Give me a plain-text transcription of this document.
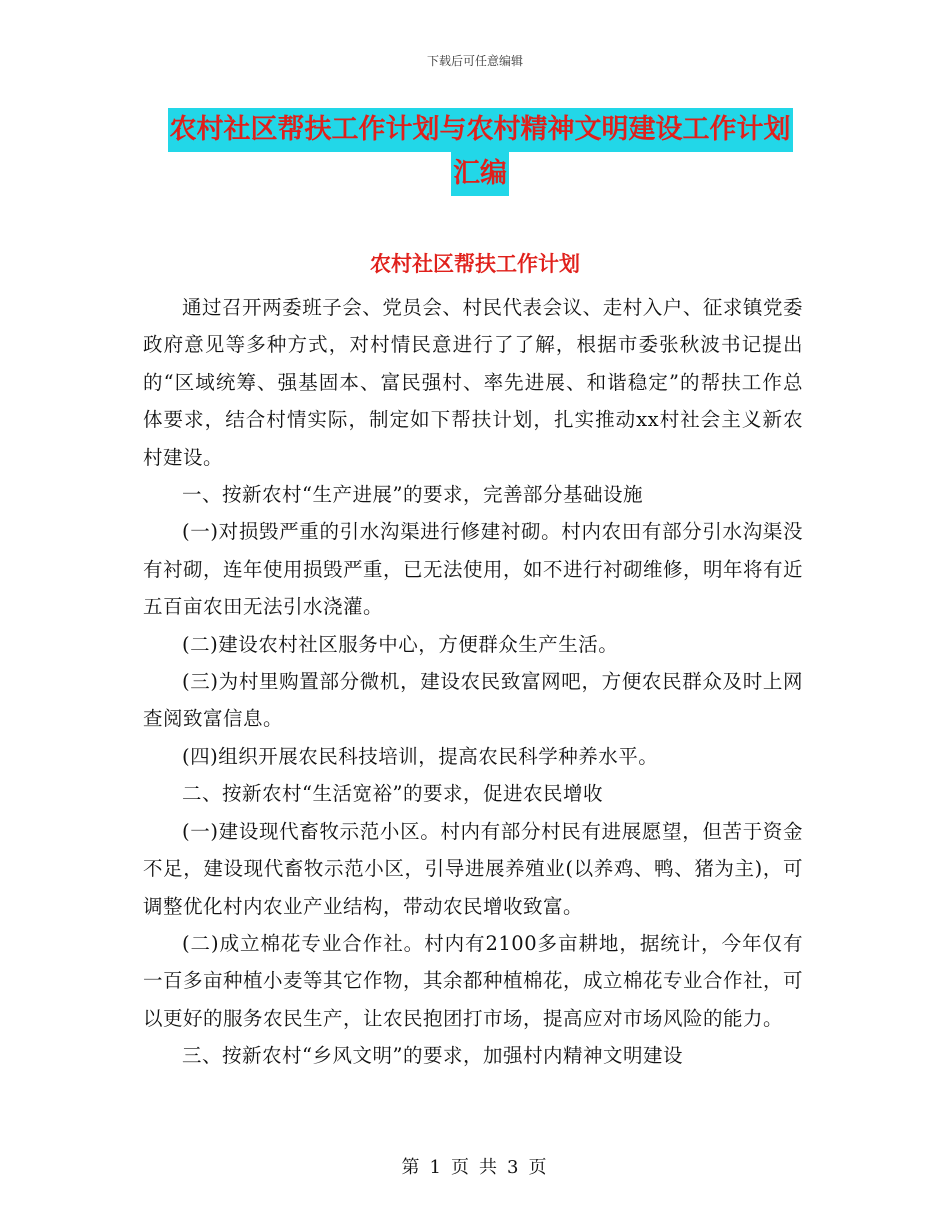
下载后可任意编辑
农村社区帮扶工作计划与农村精神文明建设工作计划
汇编
农村社区帮扶工作计划

通过召开两委班子会、党员会、村民代表会议、走村入户、征求镇党委政府意见等多种方式，对村情民意进行了了解，根据市委张秋波书记提出的“区域统筹、强基固本、富民强村、率先进展、和谐稳定”的帮扶工作总体要求，结合村情实际，制定如下帮扶计划，扎实推动xx村社会主义新农村建设。

一、按新农村“生产进展”的要求，完善部分基础设施

(一)对损毁严重的引水沟渠进行修建衬砌。村内农田有部分引水沟渠没有衬砌，连年使用损毁严重，已无法使用，如不进行衬砌维修，明年将有近五百亩农田无法引水浇灌。

(二)建设农村社区服务中心，方便群众生产生活。

(三)为村里购置部分微机，建设农民致富网吧，方便农民群众及时上网查阅致富信息。

(四)组织开展农民科技培训，提高农民科学种养水平。

二、按新农村“生活宽裕”的要求，促进农民增收

(一)建设现代畜牧示范小区。村内有部分村民有进展愿望，但苦于资金不足，建设现代畜牧示范小区，引导进展养殖业(以养鸡、鸭、猪为主)，可调整优化村内农业产业结构，带动农民增收致富。

(二)成立棉花专业合作社。村内有2100多亩耕地，据统计，今年仅有一百多亩种植小麦等其它作物，其余都种植棉花，成立棉花专业合作社，可以更好的服务农民生产，让农民抱团打市场，提高应对市场风险的能力。

三、按新农村“乡风文明”的要求，加强村内精神文明建设

第 1 页 共 3 页
